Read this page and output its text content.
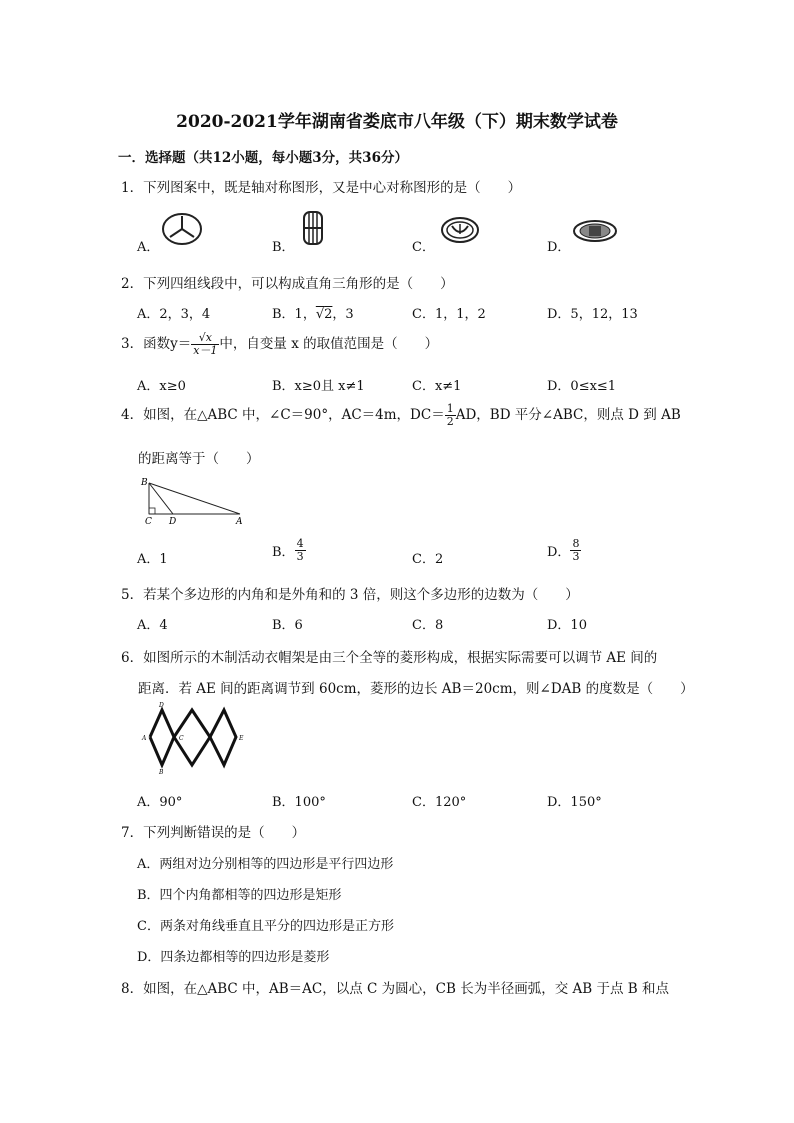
2020-2021学年湖南省娄底市八年级（下）期末数学试卷
一．选择题（共12小题，每小题3分，共36分）
1．下列图案中，既是轴对称图形，又是中心对称图形的是（　　）
A．	B．	C．	D．
2．下列四组线段中，可以构成直角三角形的是（　　）
A．2，3，4	B．1，√2，3	C．1，1，2	D．5，12，13
3．函数$y= \frac{√x}{x-1}$ 中，自变量 x 的取值范围是（　　）
A．x≥0	B．x≥0且 x≠1	C．x≠1	D．0≤x≤1
4．如图，在△ABC 中，∠C＝90°，AC＝4m，$DC= \frac{1}{2}$ AD，BD 平分∠ABC，则点 D 到 AB
的距离等于（　　）
B
C D	A
A．1	B． $\frac{4}{3}$	C．2	D． $\frac{8}{3}$
5．若某个多边形的内角和是外角和的 3 倍，则这个多边形的边数为（　　）
A．4	B．6	C．8	D．10
6．如图所示的木制活动衣帽架是由三个全等的菱形构成，根据实际需要可以调节 AE 间的
距离．若 AE 间的距离调节到 60cm，菱形的边长 AB＝20cm，则∠DAB 的度数是（　　）
D
A	C
B
E
A．90°	B．100°	C．120°	D．150°
7．下列判断错误的是（　　）
A．两组对边分别相等的四边形是平行四边形
B．四个内角都相等的四边形是矩形
C．两条对角线垂直且平分的四边形是正方形
D．四条边都相等的四边形是菱形
8．如图，在△ABC 中，AB＝AC，以点 C 为圆心，CB 长为半径画弧，交 AB 于点 B 和点
